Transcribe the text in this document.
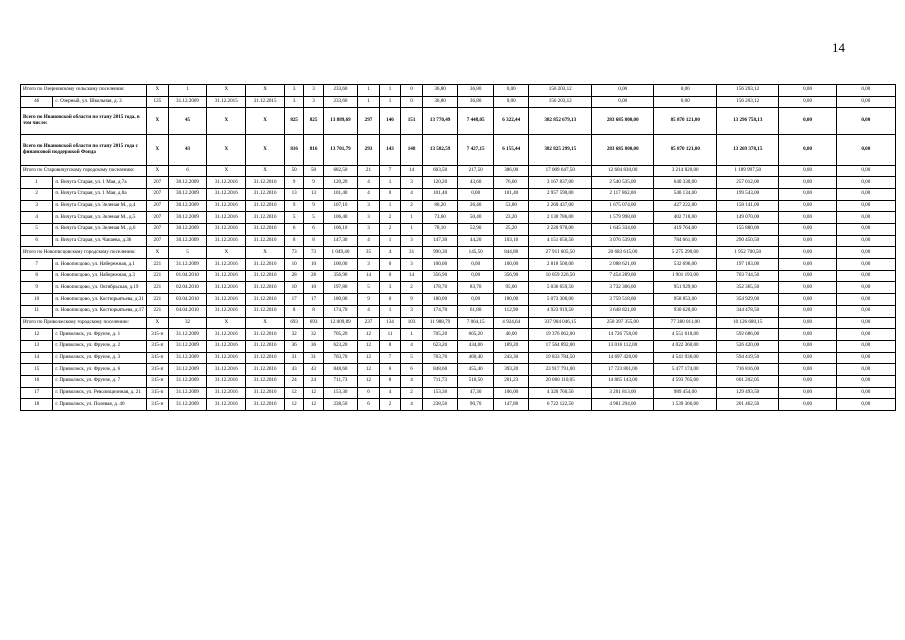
14
Итого по Озерновскому сельскому поселению:		X	1	X	X	3	3	233,60	1	1	0	36,80	36,80	0,00	156 203,12	0,00	0,00	156 203,12	0,00	0,00
46	с. Озерный, ул. Школьная, д. 3	125	31.12.2009	31.12.2015	31.12.2015	3	3	233,60	1	1	0	36,80	36,80	0,00	156 203,12	0,00	0,00	156 203,12	0,00	0,00
Всего по Ивановской области по этапу 2015 года, в том числе:		X	45	X	X	825	825	13 889,69	297	146	151	13 770,49	7 448,05	6 322,44	382 852 679,13	283 685 800,00	85 870 121,00	13 296 758,13	0,00	0,00
Всего по Ивановской области по этапу 2015 года с финансовой поддержкой Фонда		X	43	X	X	816	816	13 701,79	293	143	148	13 582,59	7 427,15	6 155,44	382 825 299,15	283 685 800,00	85 870 121,00	13 269 378,15	0,00	0,00
Итого по Старовичугскому городскому поселению:		X	6	X	X	50	50	682,50	21	7	14	603,50	217,50	386,00	17 009 647,50	12 604 830,00	3 214 820,00	1 189 997,50	0,00	0,00
1	п. Вичуга Старая, ул. 1 Мая, д.7а	207	30.12.2009	31.12.2016	31.12.2016	9	9	120,20	4	1	3	120,20	43,60	76,60	3 167 837,00	2 540 535,00	640 330,00	257 012,00	0,00	0,00
2	п. Вичуга Старая, ул. 1 Мая, д.8а	207	30.12.2009	31.12.2016	31.12.2016	13	13	101,40	4	0	4	101,40	0,00	101,40	2 957 590,00	2 117 862,00	540 134,00	199 543,00	0,00	0,00
3	п. Вичуга Старая, ул. Зеленая М., д.4	207	30.12.2009	31.12.2016	31.12.2016	9	9	107,10	3	1	2	80,20	26,40	53,80	2 260 437,00	1 675 074,00	427 222,00	158 141,00	0,00	0,00
4	п. Вичуга Старая, ул. Зеленая М., д.5	207	30.12.2009	31.12.2016	31.12.2016	5	5	106,40	3	2	1	73,60	50,40	23,20	2 130 786,00	1 579 998,00	402 718,00	149 070,00	0,00	0,00
5	п. Вичуга Старая, ул. Зеленая М., д.6	207	30.12.2009	31.12.2016	31.12.2016	6	6	106,10	3	2	1	78,10	52,90	25,20	2 220 978,00	1 645 334,00	419 764,00	155 880,00	0,00	0,00
6	п. Вичуга Старая, ул. Чапаева, д.36	207	30.12.2009	31.12.2016	31.12.2016	8	8	147,30	4	1	3	147,30	44,20	103,10	4 151 650,50	3 076 539,00	784 661,00	290 450,50	0,00	0,00
Итого по Новописцовскому городскому поселению:		X	5	X	X	73	73	1 049,40	35	4	31	990,30	145,50	844,80	27 911 605,50	20 683 615,00	5 275 290,00	1 952 700,50	0,00	0,00
7	п. Новописцово, ул. Набережная, д.1	221	31.12.2009	31.12.2016	31.12.2016	10	10	100,00	3	0	3	100,00	0,00	100,00	2 818 500,00	2 088 621,00	532 696,00	197 183,00	0,00	0,00
8	п. Новописцово, ул. Набережная, д.3	221	01.04.2010	31.12.2016	31.12.2016	28	28	356,90	14	0	14	356,90	0,00	356,90	10 059 226,50	7 454 289,00	1 901 193,00	703 744,50	0,00	0,00
9	п. Новописцово, ул. Октябрьская, д.19	221	02.04.2010	31.12.2016	31.12.2016	10	10	197,80	5	3	2	178,70	83,70	95,00	5 036 659,50	3 732 306,00	951 929,00	352 365,50	0,00	0,00
10	п. Новописцово, ул. Костюрьятьева, д.31	221	03.04.2010	31.12.2016	31.12.2016	17	17	180,00	9	0	9	180,00	0,00	180,00	5 073 300,00	3 759 518,00	958 853,00	354 929,00	0,00	0,00
11	п. Новописцово, ул. Костюрьятьева, д.17	221	04.04.2010	31.12.2016	31.12.2016	8	8	174,70	4	1	3	174,70	61,80	112,90	4 923 919,50	3 648 821,00	930 620,00	344 478,50	0,00	0,00
Итого по Приволжскому городскому поселению:		X	32	X	X	693	693	12 009,89	237	134	103	11 988,79	7 064,15	4 924,64	337 904 046,15	250 397 355,00	77 380 011,00	10 126 680,15	0,00	0,00
12	г. Приволжск, ул. Фрунзе, д. 1	315-п	31.12.2009	31.12.2016	31.12.2016	32	32	705,20	12	11	1	705,20	665,20	40,00	19 376 062,00	14 726 758,00	4 551 618,00	592 686,00	0,00	0,00
13	г. Приволжск, ул. Фрунзе, д. 2	315-п	31.12.2009	31.12.2016	31.12.2016	36	36	623,20	12	8	4	623,20	434,00	189,20	17 564 892,00	13 016 112,00	4 022 360,00	526 420,00	0,00	0,00
14	г. Приволжск, ул. Фрунзе, д. 3	315-п	31.12.2009	31.12.2016	31.12.2016	31	31	703,70	12	7	5	703,70	460,40	243,30	19 833 784,50	14 697 428,00	4 541 936,00	594 419,50	0,00	0,00
15	г. Приволжск, ул. Фрунзе, д. 6	315-п	31.12.2009	31.12.2016	31.12.2016	43	43	848,60	12	6	6	848,60	455,40	393,20	23 917 791,00	17 723 801,00	5 477 174,00	716 816,00	0,00	0,00
16	г. Приволжск, ул. Фрунзе, д. 7	315-п	31.12.2009	31.12.2016	31.12.2016	24	24	711,73	12	8	4	711,73	510,50	201,23	20 060 110,05	14 865 143,00	4 593 765,00	601 202,05	0,00	0,00
17	г. Приволжск, ул. Революционная, д. 21	315-п	31.12.2009	31.12.2016	31.12.2016	12	12	153,30	6	4	2	153,30	47,30	106,00	4 320 760,50	3 201 813,00	989 454,00	129 493,50	0,00	0,00
18	г. Приволжск, ул. Полевая, д. 40	315-п	31.12.2009	31.12.2016	31.12.2016	12	12	238,50	6	2	4	238,50	90,70	147,80	6 722 122,50	4 981 294,00	1 539 366,00	201 462,50	0,00	0,00
